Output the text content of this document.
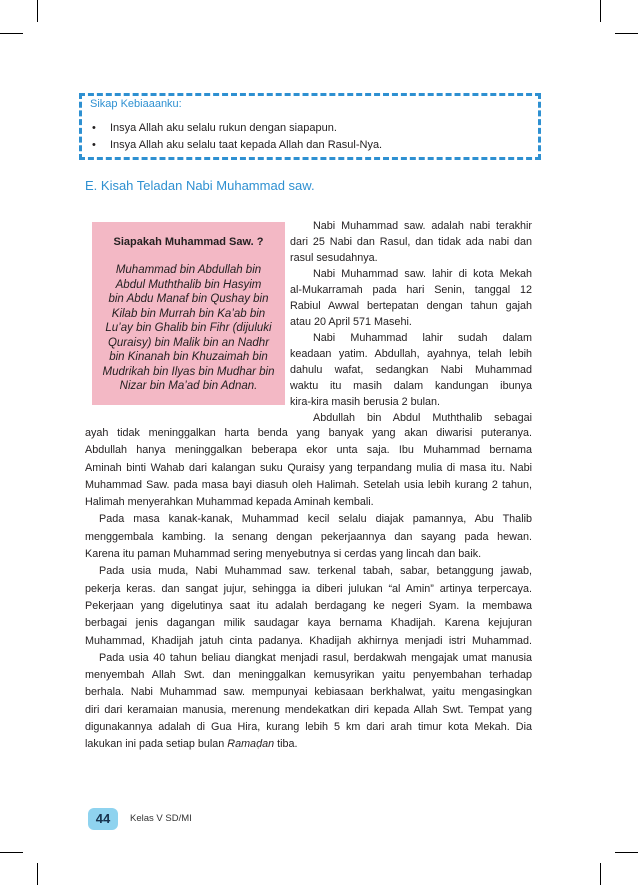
Sikap Kebiaaanku:
•	Insya Allah aku selalu rukun dengan siapapun.
•	Insya Allah aku selalu taat kepada Allah dan Rasul-Nya.
E. Kisah Teladan Nabi Muhammad saw.
Siapakah Muhammad Saw. ?
Muhammad bin Abdullah bin
Abdul Muththalib bin Hasyim
bin Abdu Manaf bin Qushay bin
Kilab bin Murrah bin Ka’ab bin
Lu’ay bin Ghalib bin Fihr (dijuluki
Quraisy) bin Malik bin an Nadhr
bin Kinanah bin Khuzaimah bin
Mudrikah bin Ilyas bin Mudhar bin
Nizar bin Ma’ad bin Adnan.
Nabi Muhammad saw. adalah nabi terakhir
dari 25 Nabi dan Rasul, dan tidak ada nabi dan
rasul sesudahnya.
Nabi Muhammad saw. lahir di kota Mekah
al-Mukarramah pada hari Senin, tanggal 12
Rabiul Awwal bertepatan dengan tahun gajah
atau 20 April 571 Masehi.
Nabi Muhammad lahir sudah dalam
keadaan yatim. Abdullah, ayahnya, telah lebih
dahulu wafat, sedangkan Nabi Muhammad
waktu itu masih dalam kandungan ibunya
kira-kira masih berusia 2 bulan.
Abdullah bin Abdul Muththalib sebagai
ayah tidak meninggalkan harta benda yang banyak yang akan diwarisi puteranya.
Abdullah hanya meninggalkan beberapa ekor unta saja. Ibu Muhammad bernama
Aminah binti Wahab dari kalangan suku Quraisy yang terpandang mulia di masa itu. Nabi
Muhammad Saw. pada masa bayi diasuh oleh Halimah. Setelah usia lebih kurang 2 tahun,
Halimah menyerahkan Muhammad kepada Aminah kembali.
Pada masa kanak-kanak, Muhammad kecil selalu diajak pamannya, Abu Thalib
menggembala kambing. Ia senang dengan pekerjaannya dan sayang pada hewan.
Karena itu paman Muhammad sering menyebutnya si cerdas yang lincah dan baik.
Pada usia muda, Nabi Muhammad saw. terkenal tabah, sabar, betanggung jawab,
pekerja keras. dan sangat jujur, sehingga ia diberi julukan “al Amin” artinya terpercaya.
Pekerjaan yang digelutinya saat itu adalah berdagang ke negeri Syam. Ia membawa
berbagai jenis dagangan milik saudagar kaya bernama Khadijah. Karena kejujuran
Muhammad, Khadijah jatuh cinta padanya. Khadijah akhirnya menjadi istri Muhammad.
Pada usia 40 tahun beliau diangkat menjadi rasul, berdakwah mengajak umat manusia
menyembah Allah Swt. dan meninggalkan kemusyrikan yaitu penyembahan terhadap
berhala. Nabi Muhammad saw. mempunyai kebiasaan berkhalwat, yaitu mengasingkan
diri dari keramaian manusia, merenung mendekatkan diri kepada Allah Swt. Tempat yang
digunakannya adalah di Gua Hira, kurang lebih 5 km dari arah timur kota Mekah. Dia
lakukan ini pada setiap bulan Ramaḍan tiba.
44	Kelas V SD/MI
